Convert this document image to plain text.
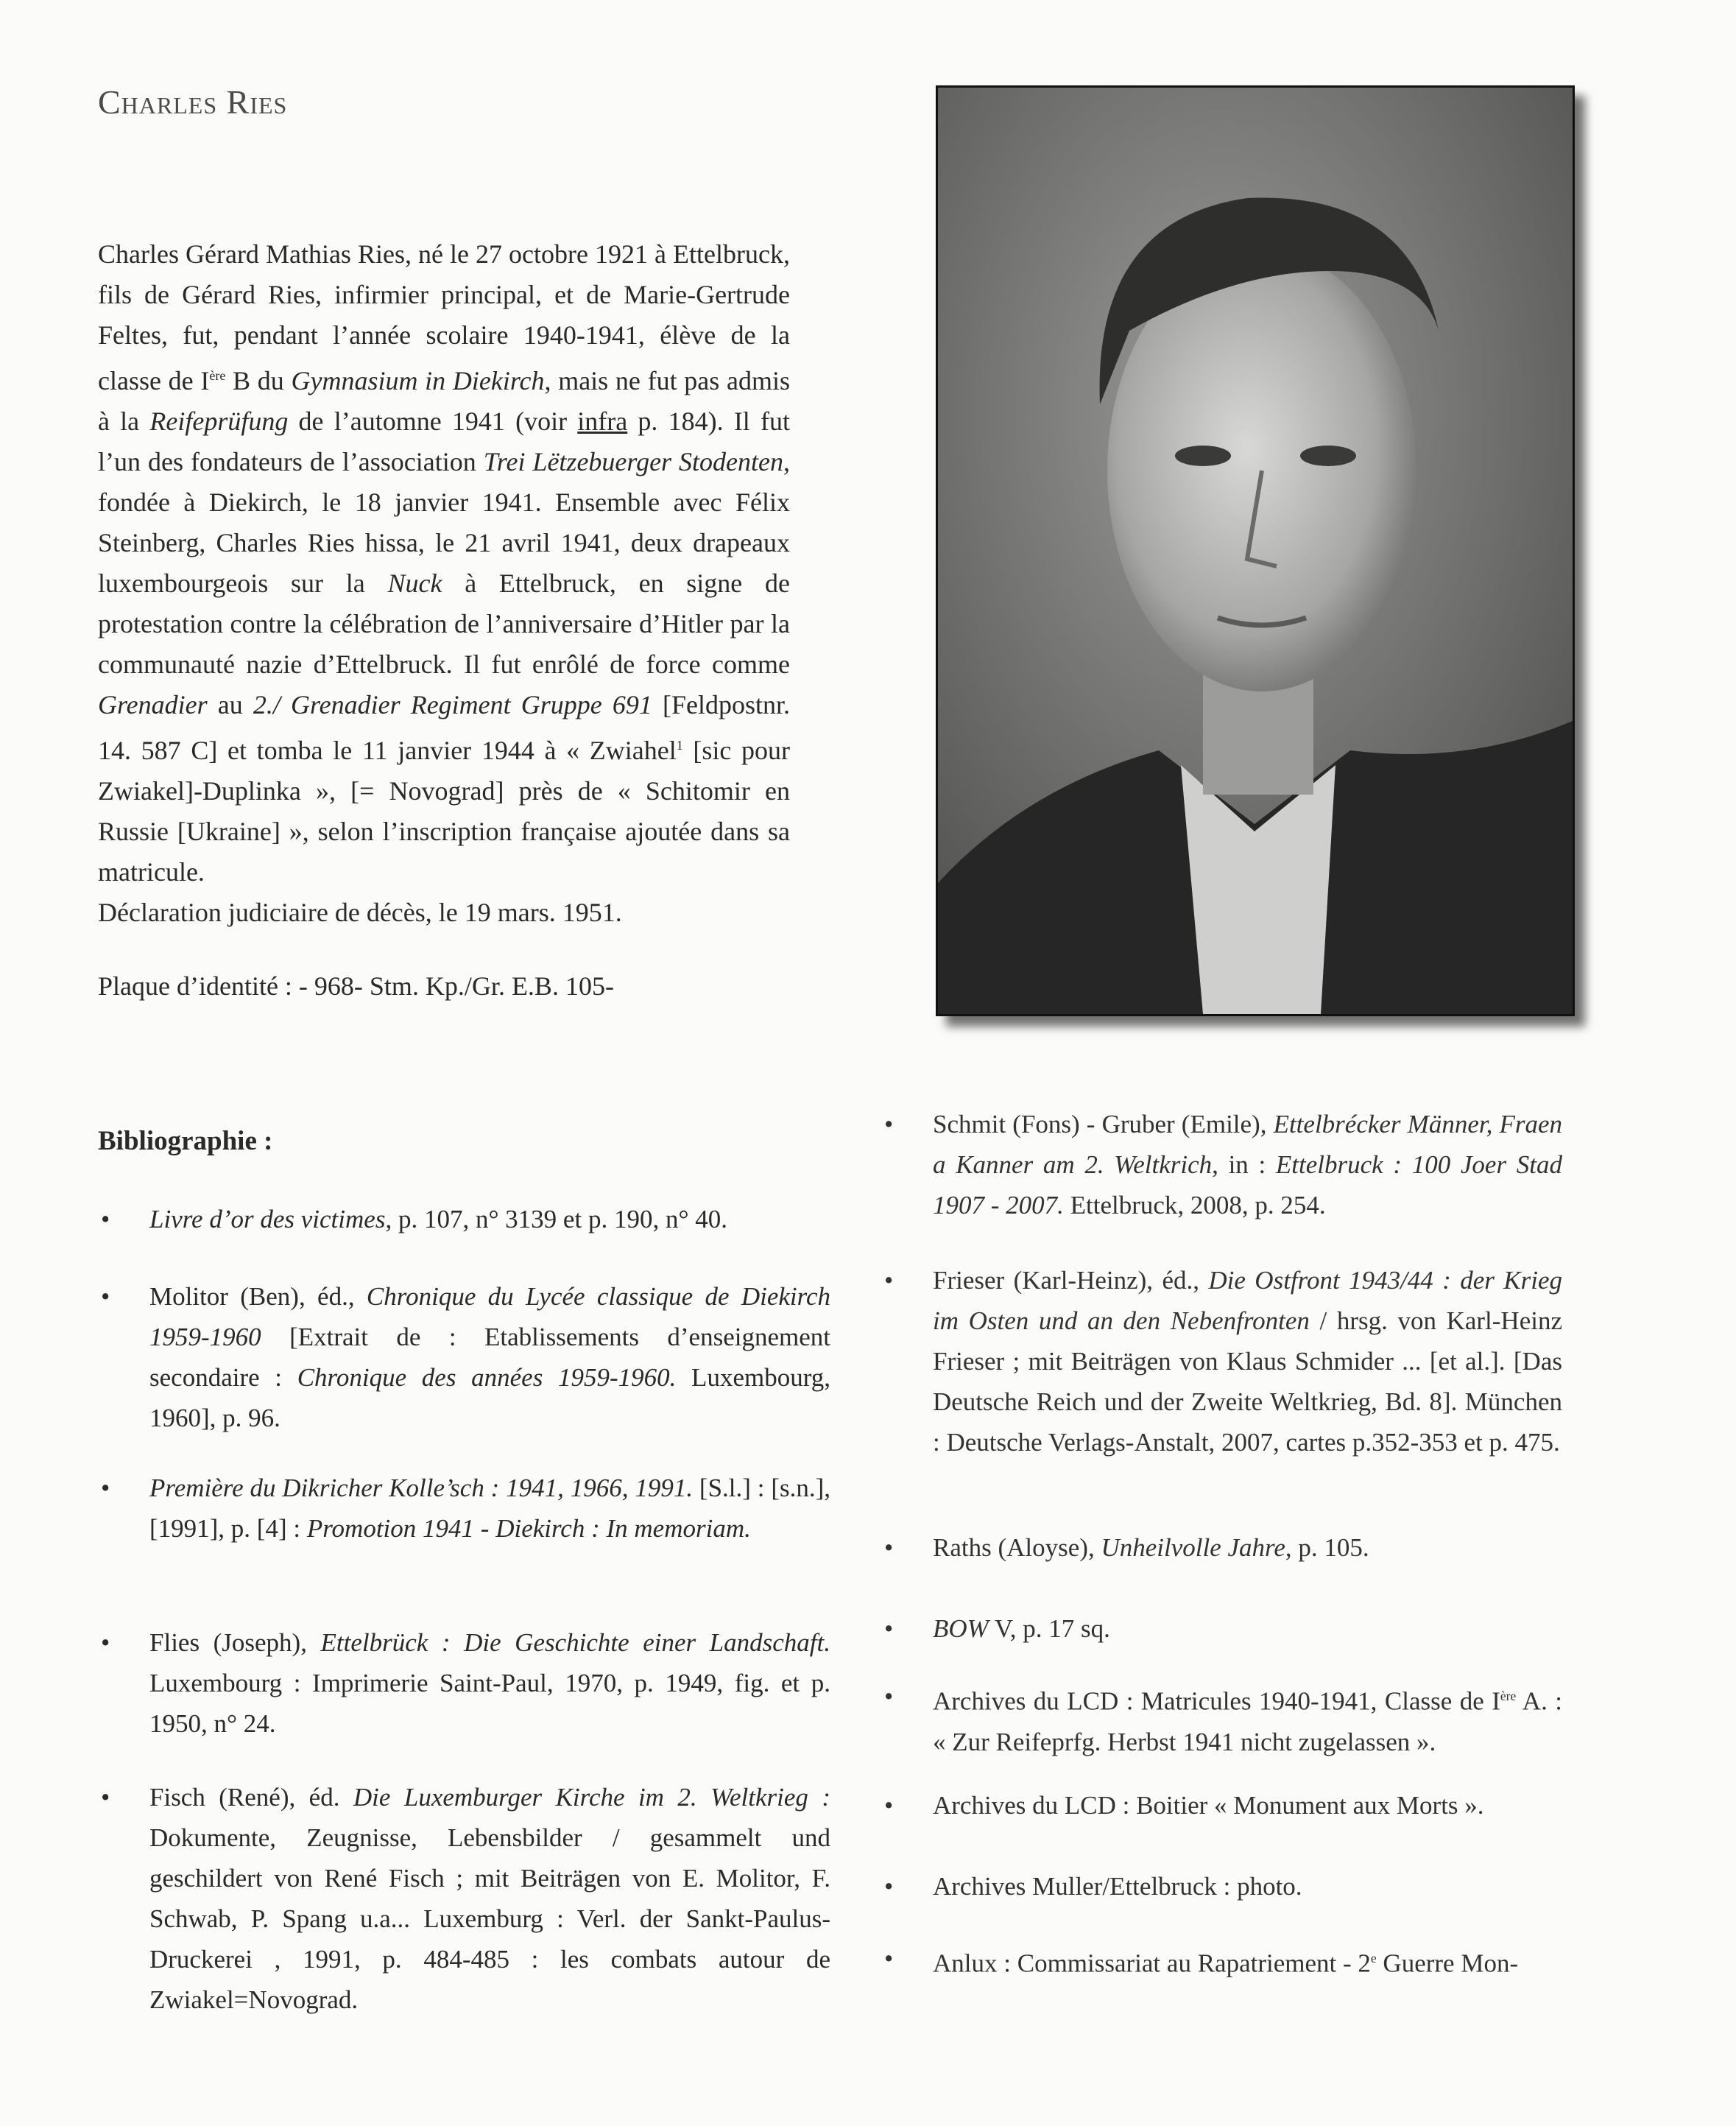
Charles Ries
Charles Gérard Mathias Ries, né le 27 octobre 1921 à Ettelbruck, fils de Gérard Ries, infirmier principal, et de Marie-Gertrude Feltes, fut, pendant l’année scolaire 1940-1941, élève de la classe de Ière B du Gymnasium in Diekirch, mais ne fut pas admis à la Reifeprüfung de l’automne 1941 (voir infra p. 184). Il fut l’un des fondateurs de l’association Trei Lëtzebuerger Stodenten, fondée à Diekirch, le 18 janvier 1941. Ensemble avec Félix Steinberg, Charles Ries hissa, le 21 avril 1941, deux drapeaux luxembourgeois sur la Nuck à Ettelbruck, en signe de protestation contre la célébration de l’anniversaire d’Hitler par la communauté nazie d’Ettelbruck. Il fut enrôlé de force comme Grenadier au 2./ Grenadier Regiment Gruppe 691 [Feldpostnr. 14. 587 C] et tomba le 11 janvier 1944 à « Zwiahel$^1$ [sic pour Zwiakel]-Duplinka », [= Novograd] près de « Schitomir en Russie [Ukraine] », selon l’inscription française ajoutée dans sa matricule.
Déclaration judiciaire de décès, le 19 mars. 1951.
Plaque d’identité : - 968- Stm. Kp./Gr. E.B. 105-
Bibliographie :
• Livre d’or des victimes, p. 107, n° 3139 et p. 190, n° 40.
• Molitor (Ben), éd., Chronique du Lycée classique de Diekirch 1959-1960 [Extrait de : Etablissements d’enseignement secondaire : Chronique des années 1959-1960. Luxembourg, 1960], p. 96.
• Première du Dikricher Kolle’sch : 1941, 1966, 1991. [S.l.] : [s.n.], [1991], p. [4] : Promotion 1941 - Diekirch : In memoriam.
• Flies (Joseph), Ettelbrück : Die Geschichte einer Landschaft. Luxembourg : Imprimerie Saint-Paul, 1970, p. 1949, fig. et p. 1950, n° 24.
• Fisch (René), éd. Die Luxemburger Kirche im 2. Weltkrieg : Dokumente, Zeugnisse, Lebensbilder / gesammelt und geschildert von René Fisch ; mit Beiträgen von E. Molitor, F. Schwab, P. Spang u.a... Luxemburg : Verl. der Sankt-Paulus-Druckerei , 1991, p. 484-485 : les combats autour de Zwiakel=Novograd.
• Schmit (Fons) - Gruber (Emile), Ettelbrécker Männer, Fraen a Kanner am 2. Weltkrich, in : Ettelbruck : 100 Joer Stad 1907 - 2007. Ettelbruck, 2008, p. 254.
• Frieser (Karl-Heinz), éd., Die Ostfront 1943/44 : der Krieg im Osten und an den Nebenfronten / hrsg. von Karl-Heinz Frieser ; mit Beiträgen von Klaus Schmider ... [et al.]. [Das Deutsche Reich und der Zweite Weltkrieg, Bd. 8]. München : Deutsche Verlags-Anstalt, 2007, cartes p.352-353 et p. 475.
• Raths (Aloyse), Unheilvolle Jahre, p. 105.
• BOW V, p. 17 sq.
• Archives du LCD : Matricules 1940-1941, Classe de Ière A. : « Zur Reifeprfg. Herbst 1941 nicht zugelassen ».
• Archives du LCD : Boitier « Monument aux Morts ».
• Archives Muller/Ettelbruck : photo.
• Anlux : Commissariat au Rapatriement - 2e Guerre Mon-
